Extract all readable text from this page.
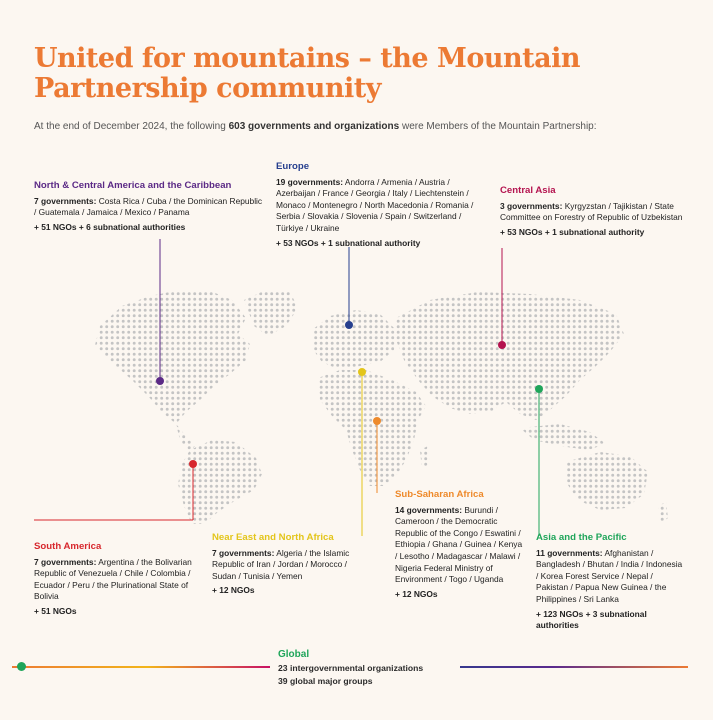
United for mountains – the Mountain Partnership community

At the end of December 2024, the following 603 governments and organizations were Members of the Mountain Partnership:

North & Central America and the Caribbean

7 governments: Costa Rica / Cuba / the Dominican Republic / Guatemala / Jamaica / Mexico / Panama

+ 51 NGOs + 6 subnational authorities

Europe

19 governments: Andorra / Armenia / Austria / Azerbaijan / France / Georgia / Italy / Liechtenstein / Monaco / Montenegro / North Macedonia / Romania / Serbia / Slovakia / Slovenia / Spain / Switzerland / Türkiye / Ukraine

+ 53 NGOs + 1 subnational authority

Central Asia

3 governments: Kyrgyzstan / Tajikistan / State Committee on Forestry of Republic of Uzbekistan

+ 53 NGOs + 1 subnational authority

South America

7 governments: Argentina / the Bolivarian Republic of Venezuela / Chile / Colombia / Ecuador / Peru / the Plurinational State of Bolivia

+ 51 NGOs

Near East and North Africa

7 governments: Algeria / the Islamic Republic of Iran / Jordan / Morocco / Sudan / Tunisia / Yemen

+ 12 NGOs

Sub-Saharan Africa

14 governments: Burundi / Cameroon / the Democratic Republic of the Congo / Eswatini / Ethiopia / Ghana / Guinea / Kenya / Lesotho / Madagascar / Malawi / Nigeria Federal Ministry of Environment / Togo / Uganda

+ 12 NGOs

Asia and the Pacific

11 governments: Afghanistan / Bangladesh / Bhutan / India / Indonesia / Korea Forest Service / Nepal / Pakistan / Papua New Guinea / the Philippines / Sri Lanka

+ 123 NGOs + 3 subnational authorities

Global

23 intergovernmental organizations

39 global major groups
